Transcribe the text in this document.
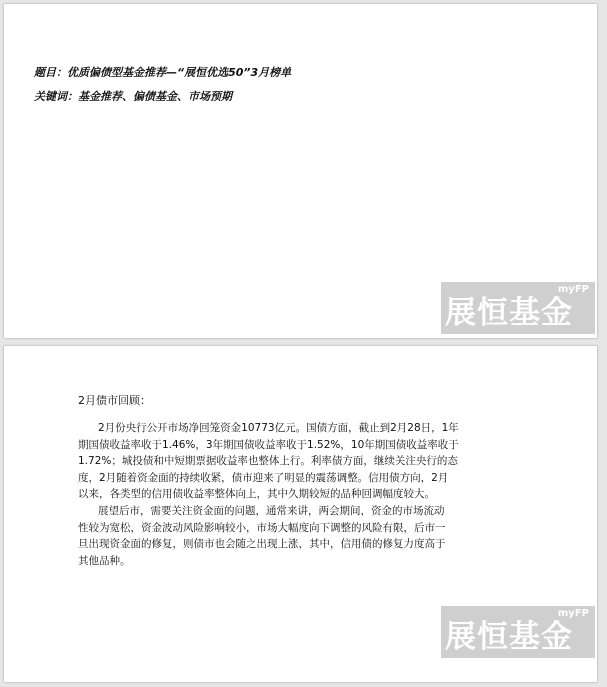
题目：优质偏债型基金推荐—“展恒优选50”3月榜单
关键词：基金推荐、偏债基金、市场预期
myFP
展恒基金
2月债市回顾：
2月份央行公开市场净回笼资金10773亿元。国债方面，截止到2月28日，1年
期国债收益率收于1.46%，3年期国债收益率收于1.52%，10年期国债收益率收于
1.72%；城投债和中短期票据收益率也整体上行。利率债方面，继续关注央行的态
度，2月随着资金面的持续收紧，债市迎来了明显的震荡调整。信用债方向，2月
以来，各类型的信用债收益率整体向上，其中久期较短的品种回调幅度较大。
展望后市，需要关注资金面的问题，通常来讲，两会期间，资金的市场流动
性较为宽松，资金波动风险影响较小，市场大幅度向下调整的风险有限，后市一
旦出现资金面的修复，则债市也会随之出现上涨，其中，信用债的修复力度高于
其他品种。
myFP
展恒基金
